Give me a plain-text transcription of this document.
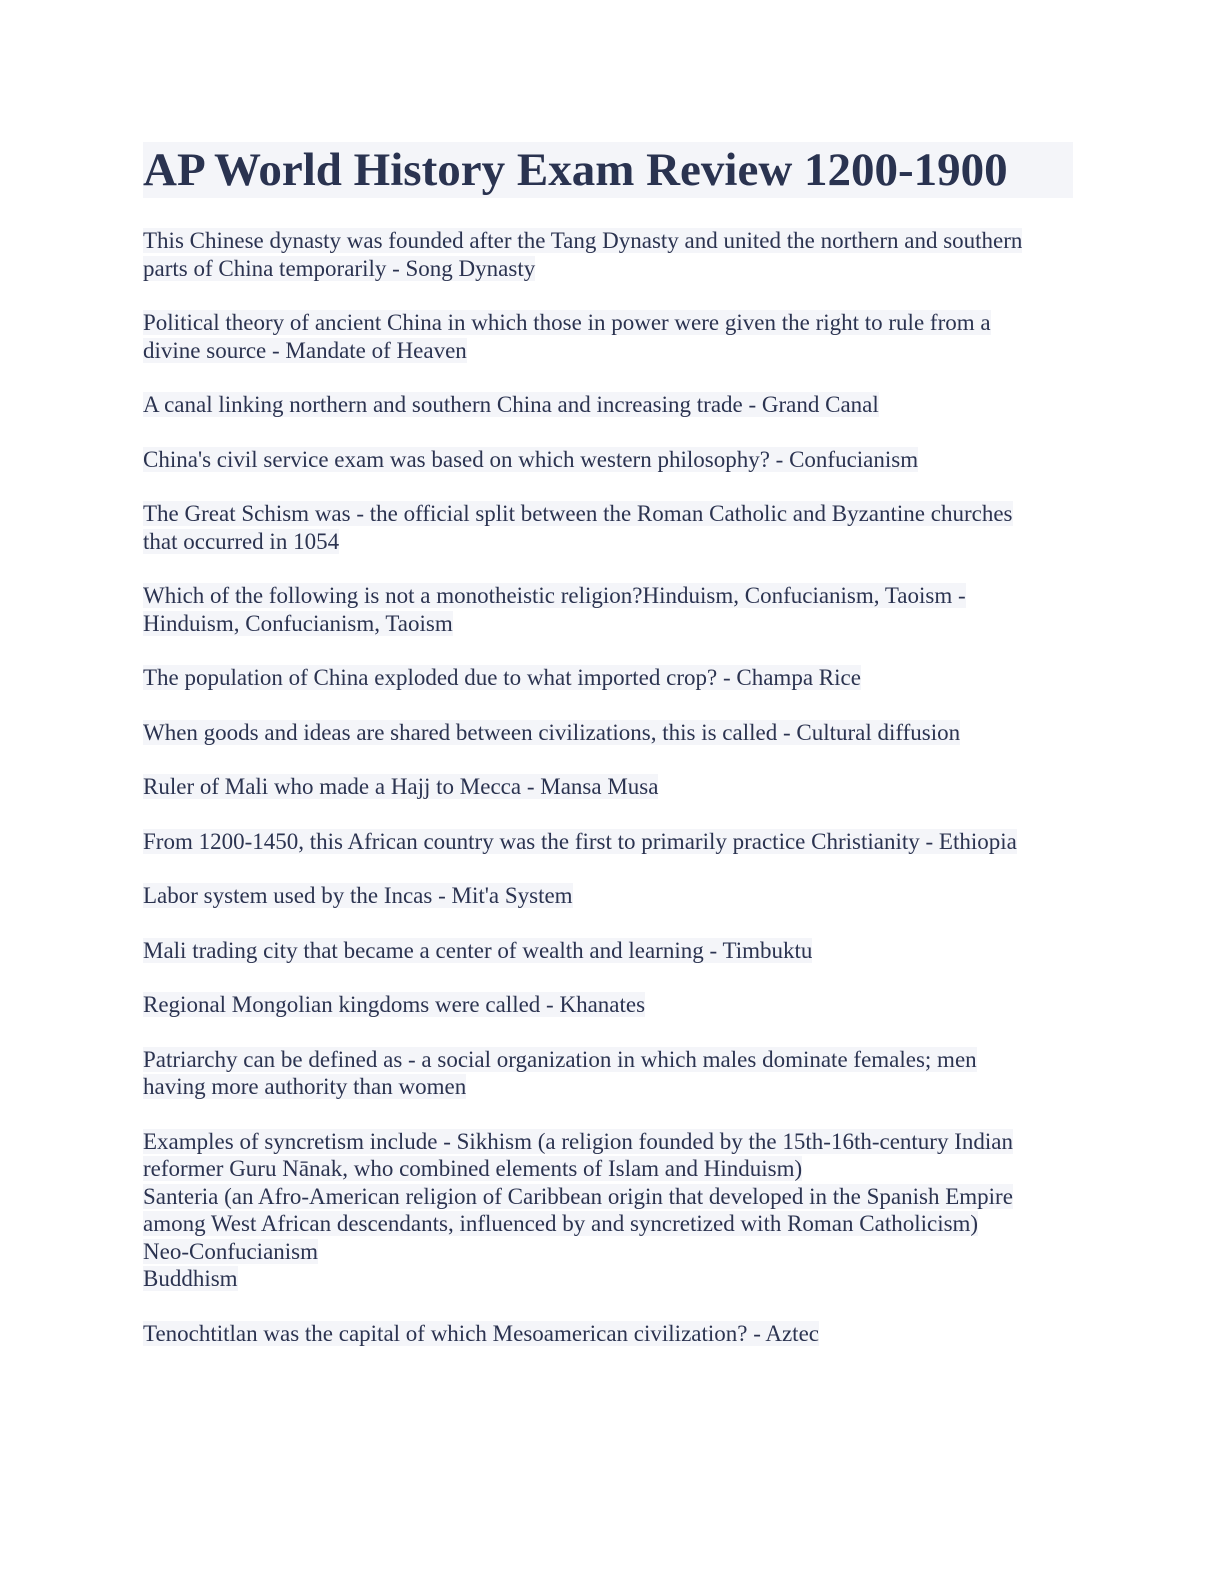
AP World History Exam Review 1200-1900

This Chinese dynasty was founded after the Tang Dynasty and united the northern and southern
parts of China temporarily - Song Dynasty

Political theory of ancient China in which those in power were given the right to rule from a
divine source - Mandate of Heaven

A canal linking northern and southern China and increasing trade - Grand Canal

China's civil service exam was based on which western philosophy? - Confucianism

The Great Schism was - the official split between the Roman Catholic and Byzantine churches
that occurred in 1054

Which of the following is not a monotheistic religion?Hinduism, Confucianism, Taoism -
Hinduism, Confucianism, Taoism

The population of China exploded due to what imported crop? - Champa Rice

When goods and ideas are shared between civilizations, this is called - Cultural diffusion

Ruler of Mali who made a Hajj to Mecca - Mansa Musa

From 1200-1450, this African country was the first to primarily practice Christianity - Ethiopia

Labor system used by the Incas - Mit'a System

Mali trading city that became a center of wealth and learning - Timbuktu

Regional Mongolian kingdoms were called - Khanates

Patriarchy can be defined as - a social organization in which males dominate females; men
having more authority than women

Examples of syncretism include - Sikhism (a religion founded by the 15th-16th-century Indian
reformer Guru Nānak, who combined elements of Islam and Hinduism)
Santeria (an Afro-American religion of Caribbean origin that developed in the Spanish Empire
among West African descendants, influenced by and syncretized with Roman Catholicism)
Neo-Confucianism
Buddhism

Tenochtitlan was the capital of which Mesoamerican civilization? - Aztec
